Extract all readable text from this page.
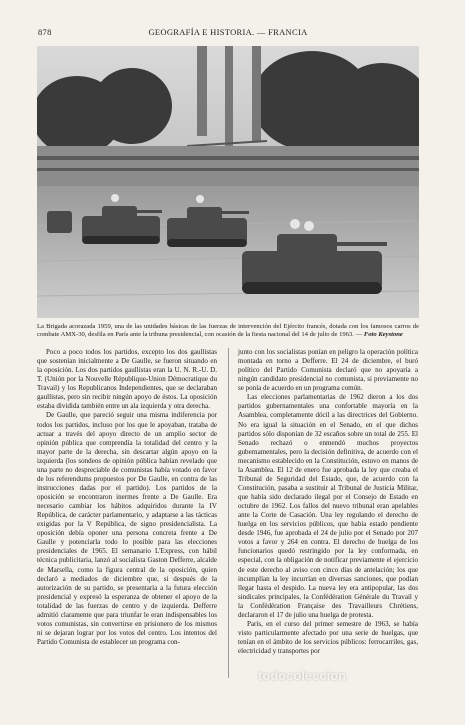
878	GEOGRAFÍA E HISTORIA. — FRANCIA
La Brigada acorazada 1959, una de las unidades básicas de las fuerzas de intervención del Ejército francés, dotada con los famosos carros de combate AMX-30, desfila en París ante la tribuna presidencial, con ocasión de la fiesta nacional del 14 de julio de 1963. — Foto Keystone

Poco a poco todos los partidos, excepto los dos gaullistas que sostenían inicialmente a De Gaulle, se fueron situando en la oposición. Los dos partidos gaullistas eran la U. N. R.-U. D. T. (Unión por la Nouvelle République-Union Démocratique du Travail) y los Republicanos Independientes, que se declaraban gaullistas, pero sin recibir ningún apoyo de éstos. La oposición estaba dividida también entre un ala izquierda y otra derecha.

De Gaulle, que pareció seguir una misma indiferencia por todos los partidos, incluso por los que le apoyaban, trataba de actuar a través del apoyo directo de un amplio sector de opinión pública que comprendía la totalidad del centro y la mayor parte de la derecha, sin descartar algún apoyo en la izquierda (los sondeos de opinión pública habían revelado que una parte no despreciable de comunistas había votado en favor de los referendums propuestos por De Gaulle, en contra de las instrucciones dadas por el partido). Los partidos de la oposición se encontraron inermes frente a De Gaulle. Era necesario cambiar los hábitos adquiridos durante la IV República, de carácter parlamentario, y adaptarse a las tácticas exigidas por la V República, de signo presidencialista. La oposición debía oponer una persona concreta frente a De Gaulle y potenciarla todo lo posible para las elecciones presidenciales de 1965. El semanario L'Express, con hábil técnica publicitaria, lanzó al socialista Gaston Defferre, alcalde de Marsella, como la figura central de la oposición, quien declaró a mediados de diciembre que, si después de la autorización de su partido, se presentaría a la futura elección presidencial y expresó la esperanza de obtener el apoyo de la totalidad de las fuerzas de centro y de izquierda. Defferre admitió claramente que para triunfar le eran indispensables los votos comunistas, sin convertirse en prisionero de los mismos ni se dejaran lograr por los votos del centro. Los intentos del Partido Comunista de establecer un programa con-

junto con los socialistas ponían en peligro la operación política montada en torno a Defferre. El 24 de diciembre, el buró político del Partido Comunista declaró que no apoyaría a ningún candidato presidencial no comunista, si previamente no se ponía de acuerdo en un programa común.

Las elecciones parlamentarias de 1962 dieron a los dos partidos gubernamentales una confortable mayoría en la Asamblea, completamente dócil a las directrices del Gobierno. No era igual la situación en el Senado, en el que dichos partidos sólo disponían de 32 escaños sobre un total de 255. El Senado rechazó o enmendó muchos proyectos gubernamentales, pero la decisión definitiva, de acuerdo con el mecanismo establecido en la Constitución, estuvo en manos de la Asamblea. El 12 de enero fue aprobada la ley que creaba el Tribunal de Seguridad del Estado, que, de acuerdo con la Constitución, pasaba a sustituir al Tribunal de Justicia Militar, que había sido declarado ilegal por el Consejo de Estado en octubre de 1962. Los fallos del nuevo tribunal eran apelables ante la Corte de Casación. Una ley regulando el derecho de huelga en los servicios públicos, que había estado pendiente desde 1946, fue aprobada el 24 de julio por el Senado por 207 votos a favor y 264 en contra. El derecho de huelga de los funcionarios quedó restringido por la ley conformada, en especial, con la obligación de notificar previamente el ejercicio de este derecho al aviso con cinco días de antelación; los que incumplían la ley incurrían en diversas sanciones, que podían llegar hasta el despido. La nueva ley era antipopular, las dos sindicales principales, la Confédération Générale du Travail y la Confédération Française des Travailleurs Chrétiens, declararon el 17 de julio una huelga de protesta.

París, en el curso del primer semestre de 1963, se había visto particularmente afectado por una serie de huelgas, que tenían en el ámbito de los servicios públicos: ferrocarriles, gas, electricidad y transportes por

todocoleccion
